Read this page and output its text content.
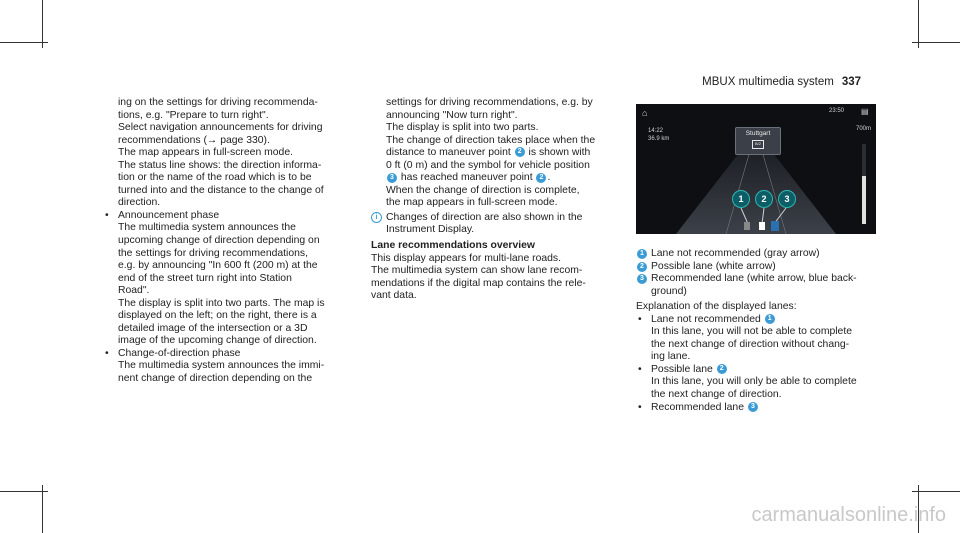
MBUX multimedia system 337

ing on the settings for driving recommenda-

tions, e.g. "Prepare to turn right".

Select navigation announcements for driving

recommendations (→ page 330).

The map appears in full-screen mode.

The status line shows: the direction informa-

tion or the name of the road which is to be

turned into and the distance to the change of

direction.

• Announcement phase

The multimedia system announces the

upcoming change of direction depending on

the settings for driving recommendations,

e.g. by announcing "In 600 ft (200 m) at the

end of the street turn right into Station

Road".

The display is split into two parts. The map is

displayed on the left; on the right, there is a

detailed image of the intersection or a 3D

image of the upcoming change of direction.

• Change-of-direction phase

The multimedia system announces the immi-

nent change of direction depending on the

settings for driving recommendations, e.g. by

announcing "Now turn right".

The display is split into two parts.

The change of direction takes place when the

distance to maneuver point 2 is shown with

0 ft (0 m) and the symbol for vehicle position

3 has reached maneuver point 2 .

When the change of direction is complete,

the map appears in full-screen mode.

i Changes of direction are also shown in the

Instrument Display.

Lane recommendations overview

This display appears for multi-lane roads.

The multimedia system can show lane recom-

mendations if the digital map contains the rele-

vant data.

⌂	23:50 ▤
14:22
36.9 km
Stuttgart
B/2
700m
1	2	3
1 Lane not recommended (gray arrow)

2 Possible lane (white arrow)

3 Recommended lane (white arrow, blue back-

ground)

Explanation of the displayed lanes:

• Lane not recommended 1

In this lane, you will not be able to complete

the next change of direction without chang-

ing lane.

• Possible lane 2

In this lane, you will only be able to complete

the next change of direction.

• Recommended lane 3

carmanualsonline.info
